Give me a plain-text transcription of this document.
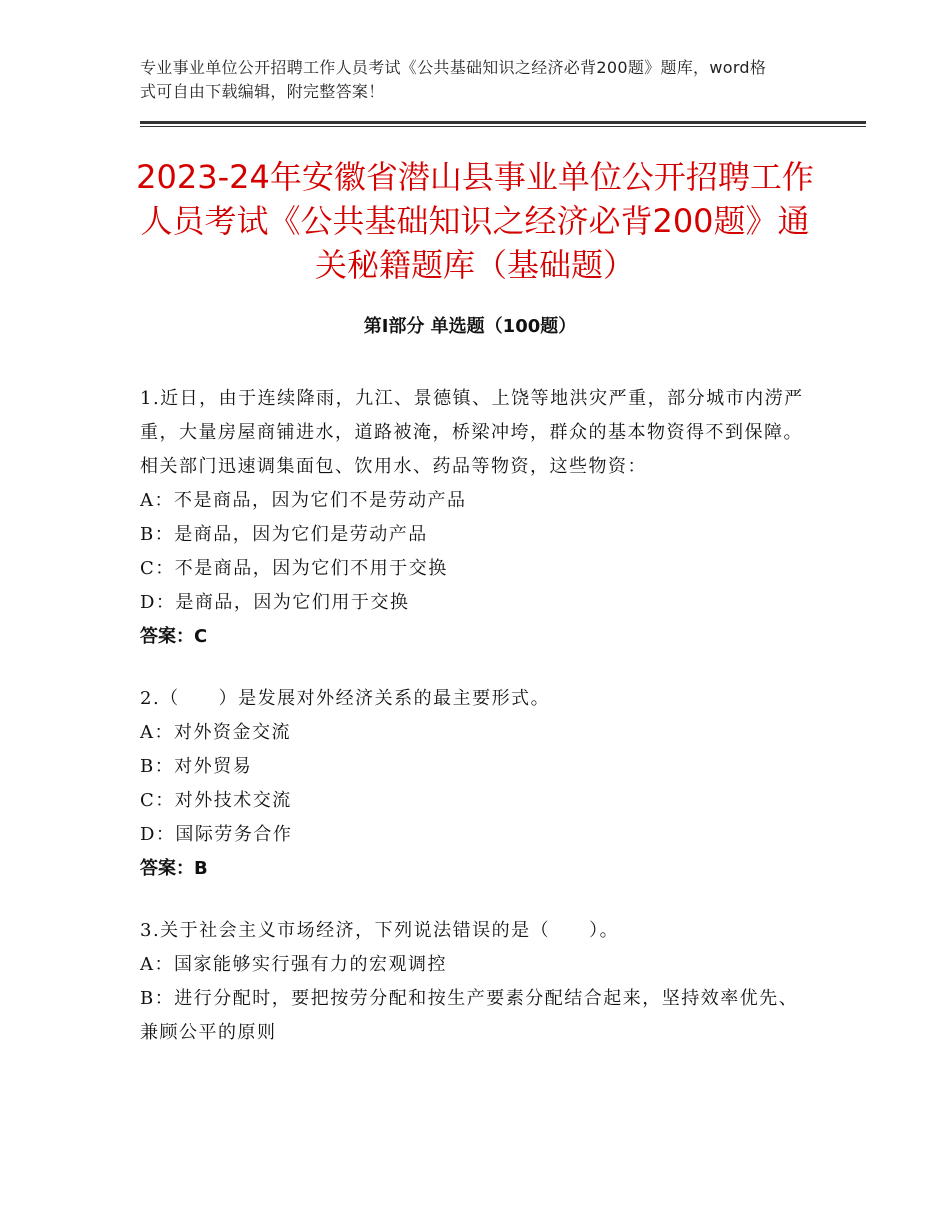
专业事业单位公开招聘工作人员考试《公共基础知识之经济必背200题》题库，word格式可自由下载编辑，附完整答案！
2023-24年安徽省潜山县事业单位公开招聘工作人员考试《公共基础知识之经济必背200题》通关秘籍题库（基础题）
第Ⅰ部分 单选题（100题）
1.近日，由于连续降雨，九江、景德镇、上饶等地洪灾严重，部分城市内涝严重，大量房屋商铺进水，道路被淹，桥梁冲垮，群众的基本物资得不到保障。相关部门迅速调集面包、饮用水、药品等物资，这些物资：
A：不是商品，因为它们不是劳动产品
B：是商品，因为它们是劳动产品
C：不是商品，因为它们不用于交换
D：是商品，因为它们用于交换
答案：C
2.（　　）是发展对外经济关系的最主要形式。
A：对外资金交流
B：对外贸易
C：对外技术交流
D：国际劳务合作
答案：B
3.关于社会主义市场经济，下列说法错误的是（　　）。
A：国家能够实行强有力的宏观调控
B：进行分配时，要把按劳分配和按生产要素分配结合起来，坚持效率优先、兼顾公平的原则
